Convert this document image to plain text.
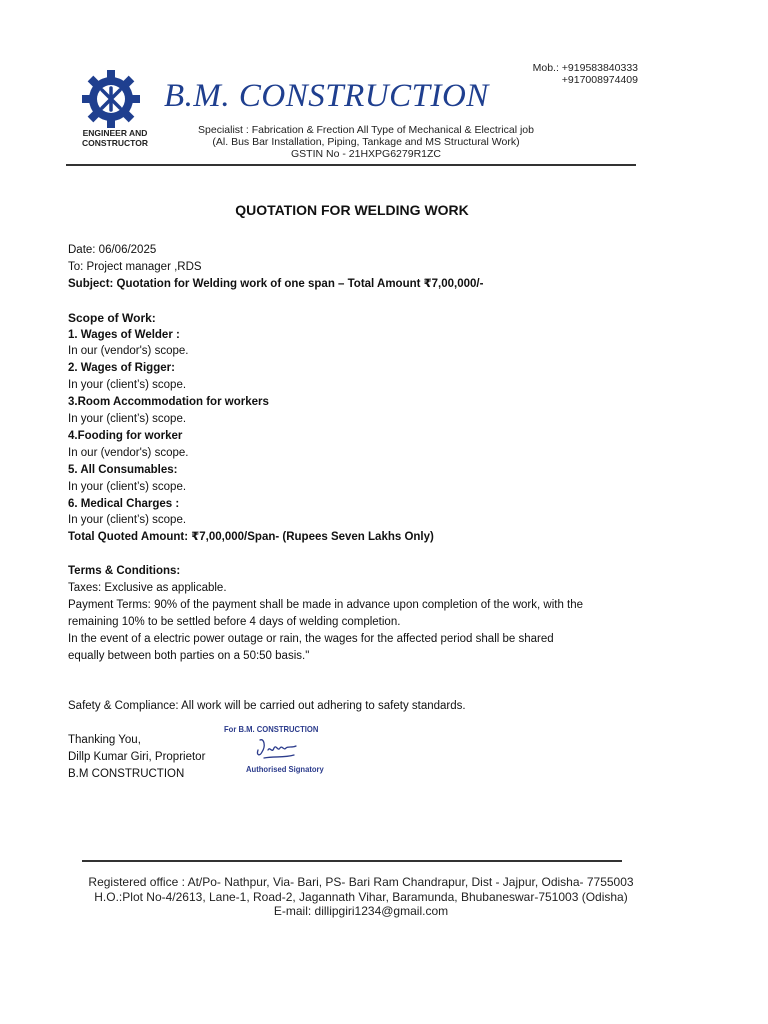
ENGINEER AND
CONSTRUCTOR
B.M. CONSTRUCTION
Mob.: +919583840333
+917008974409
Specialist : Fabrication & Frection All Type of Mechanical & Electrical job
(Al. Bus Bar Installation, Piping, Tankage and MS Structural Work)
GSTIN No - 21HXPG6279R1ZC
QUOTATION FOR WELDING WORK
Date: 06/06/2025
To: Project manager ,RDS
Subject: Quotation for Welding work of one span – Total Amount ₹7,00,000/-
Scope of Work:
1. Wages of Welder :
In our (vendor's) scope.
2. Wages of Rigger:
In your (client’s) scope.
3.Room Accommodation for workers
In your (client’s) scope.
4.Fooding for worker
In our (vendor's) scope.
5. All Consumables:
In your (client’s) scope.
6. Medical Charges :
In your (client’s) scope.
Total Quoted Amount: ₹7,00,000/Span- (Rupees Seven Lakhs Only)
Terms & Conditions:
Taxes: Exclusive as applicable.
Payment Terms: 90% of the payment shall be made in advance upon completion of the work, with the
remaining 10% to be settled before 4 days of welding completion.
In the event of a electric power outage or rain, the wages for the affected period shall be shared
equally between both parties on a 50:50 basis."
Safety & Compliance: All work will be carried out adhering to safety standards.
Thanking You,
Dillp Kumar Giri, Proprietor
B.M CONSTRUCTION
For B.M. CONSTRUCTION
Authorised Signatory
Registered office : At/Po- Nathpur, Via- Bari, PS- Bari Ram Chandrapur, Dist - Jajpur, Odisha- 7755003
H.O.:Plot No-4/2613, Lane-1, Road-2, Jagannath Vihar, Baramunda, Bhubaneswar-751003 (Odisha)
E-mail: dillipgiri1234@gmail.com
